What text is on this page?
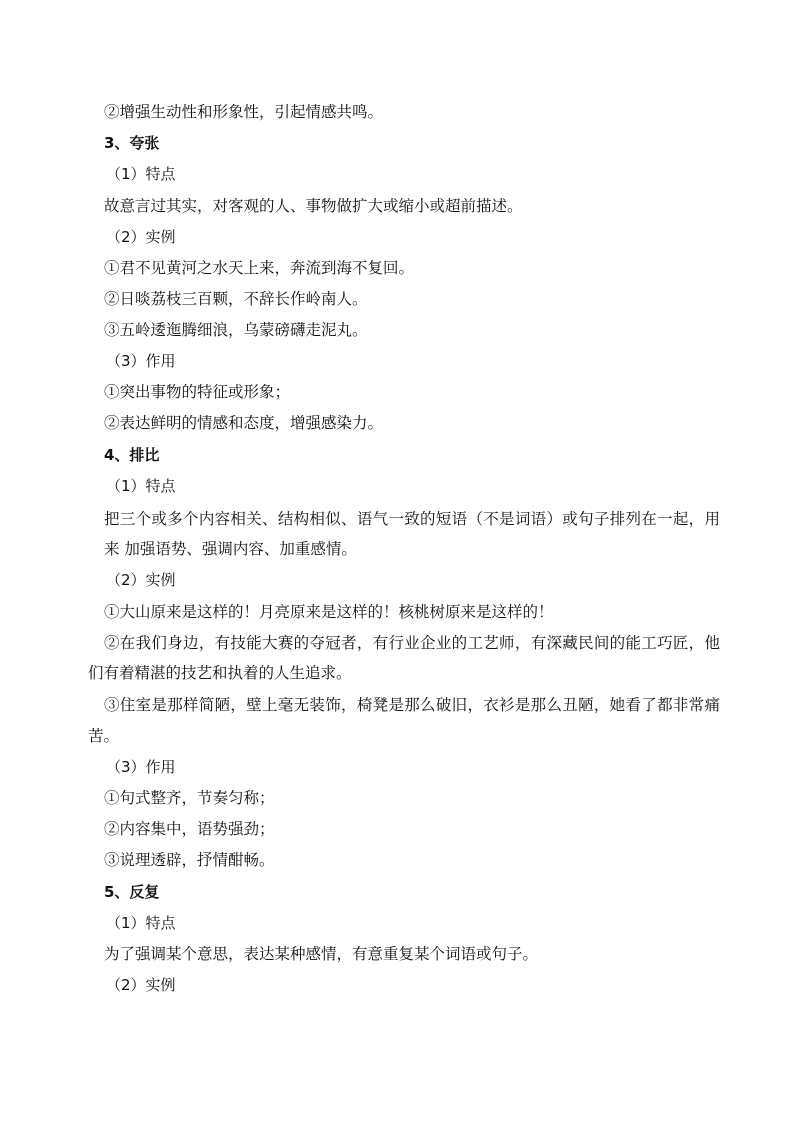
②增强生动性和形象性，引起情感共鸣。
3、夸张
（1）特点
故意言过其实，对客观的人、事物做扩大或缩小或超前描述。
（2）实例
①君不见黄河之水天上来，奔流到海不复回。
②日啖荔枝三百颗，不辞长作岭南人。
③五岭逶迤腾细浪，乌蒙磅礴走泥丸。
（3）作用
①突出事物的特征或形象；
②表达鲜明的情感和态度，增强感染力。
4、排比
（1）特点
把三个或多个内容相关、结构相似、语气一致的短语（不是词语）或句子排列在一起，用
来 加强语势、强调内容、加重感情。
（2）实例
①大山原来是这样的！月亮原来是这样的！核桃树原来是这样的！
②在我们身边，有技能大赛的夺冠者，有行业企业的工艺师，有深藏民间的能工巧匠，他
们有着精湛的技艺和执着的人生追求。
③住室是那样简陋，壁上毫无装饰，椅凳是那么破旧，衣衫是那么丑陋，她看了都非常痛
苦。
（3）作用
①句式整齐，节奏匀称；
②内容集中，语势强劲；
③说理透辟，抒情酣畅。
5、反复
（1）特点
为了强调某个意思，表达某种感情，有意重复某个词语或句子。
（2）实例
